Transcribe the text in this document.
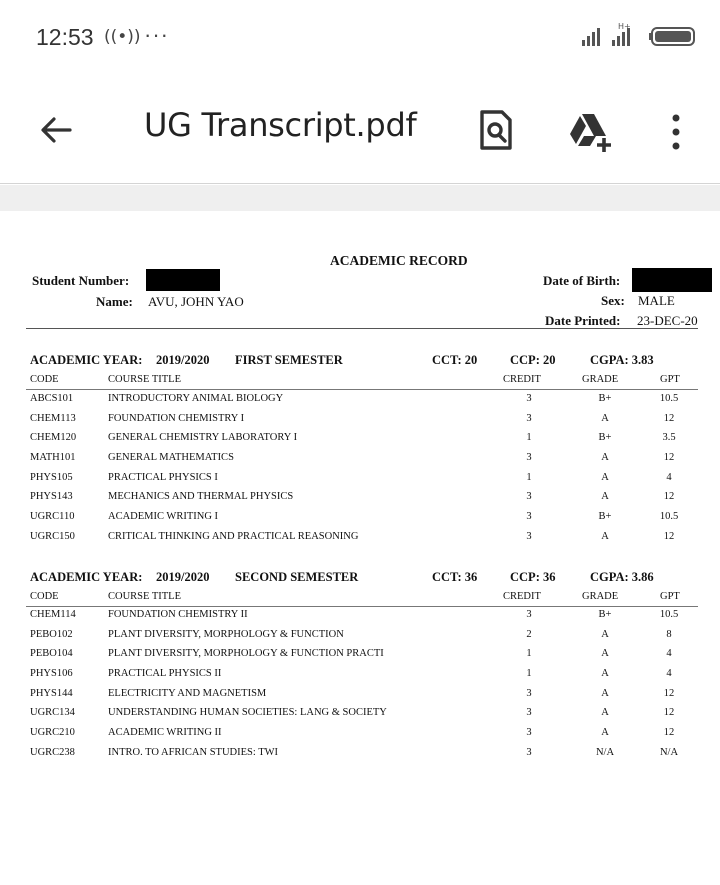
12:53 ((•)) ···	H+
UG Transcript.pdf
ACADEMIC RECORD
Student Number:
Name: AVU, JOHN YAO
Date of Birth:
Sex: MALE
Date Printed: 23-DEC-20
ACADEMIC YEAR: 2019/2020 FIRST SEMESTER	CCT: 20	CCP: 20	CGPA: 3.83
CODE	COURSE TITLE	CREDIT	GRADE	GPT
ABCS101	INTRODUCTORY ANIMAL BIOLOGY	3	B+	10.5
CHEM113	FOUNDATION CHEMISTRY I	3	A	12
CHEM120	GENERAL CHEMISTRY LABORATORY I	1	B+	3.5
MATH101	GENERAL MATHEMATICS	3	A	12
PHYS105	PRACTICAL PHYSICS I	1	A	4
PHYS143	MECHANICS AND THERMAL PHYSICS	3	A	12
UGRC110	ACADEMIC WRITING I	3	B+	10.5
UGRC150	CRITICAL THINKING AND PRACTICAL REASONING	3	A	12
ACADEMIC YEAR: 2019/2020 SECOND SEMESTER	CCT: 36	CCP: 36	CGPA: 3.86
CODE	COURSE TITLE	CREDIT	GRADE	GPT
CHEM114	FOUNDATION CHEMISTRY II	3	B+	10.5
PEBO102	PLANT DIVERSITY, MORPHOLOGY & FUNCTION	2	A	8
PEBO104	PLANT DIVERSITY, MORPHOLOGY & FUNCTION PRACTI	1	A	4
PHYS106	PRACTICAL PHYSICS II	1	A	4
PHYS144	ELECTRICITY AND MAGNETISM	3	A	12
UGRC134	UNDERSTANDING HUMAN SOCIETIES: LANG & SOCIETY	3	A	12
UGRC210	ACADEMIC WRITING II	3	A	12
UGRC238	INTRO. TO AFRICAN STUDIES: TWI	3	N/A	N/A
